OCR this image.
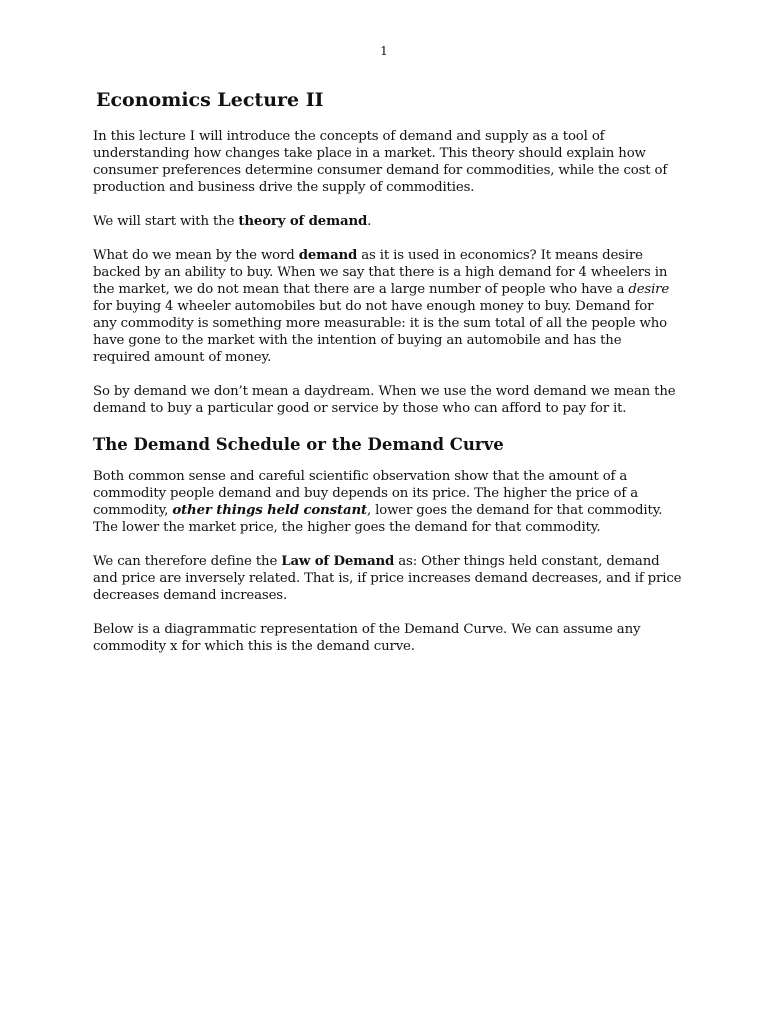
1
Economics Lecture II

In this lecture I will introduce the concepts of demand and supply as a tool of
understanding how changes take place in a market. This theory should explain how
consumer preferences determine consumer demand for commodities, while the cost of
production and business drive the supply of commodities.

We will start with the theory of demand.

What do we mean by the word demand as it is used in economics? It means desire
backed by an ability to buy. When we say that there is a high demand for 4 wheelers in
the market, we do not mean that there are a large number of people who have a desire
for buying 4 wheeler automobiles but do not have enough money to buy. Demand for
any commodity is something more measurable: it is the sum total of all the people who
have gone to the market with the intention of buying an automobile and has the
required amount of money.

So by demand we don’t mean a daydream. When we use the word demand we mean the
demand to buy a particular good or service by those who can afford to pay for it.

The Demand Schedule or the Demand Curve

Both common sense and careful scientific observation show that the amount of a
commodity people demand and buy depends on its price. The higher the price of a
commodity, other things held constant, lower goes the demand for that commodity.
The lower the market price, the higher goes the demand for that commodity.

We can therefore define the Law of Demand as: Other things held constant, demand
and price are inversely related. That is, if price increases demand decreases, and if price
decreases demand increases.

Below is a diagrammatic representation of the Demand Curve. We can assume any
commodity x for which this is the demand curve.
